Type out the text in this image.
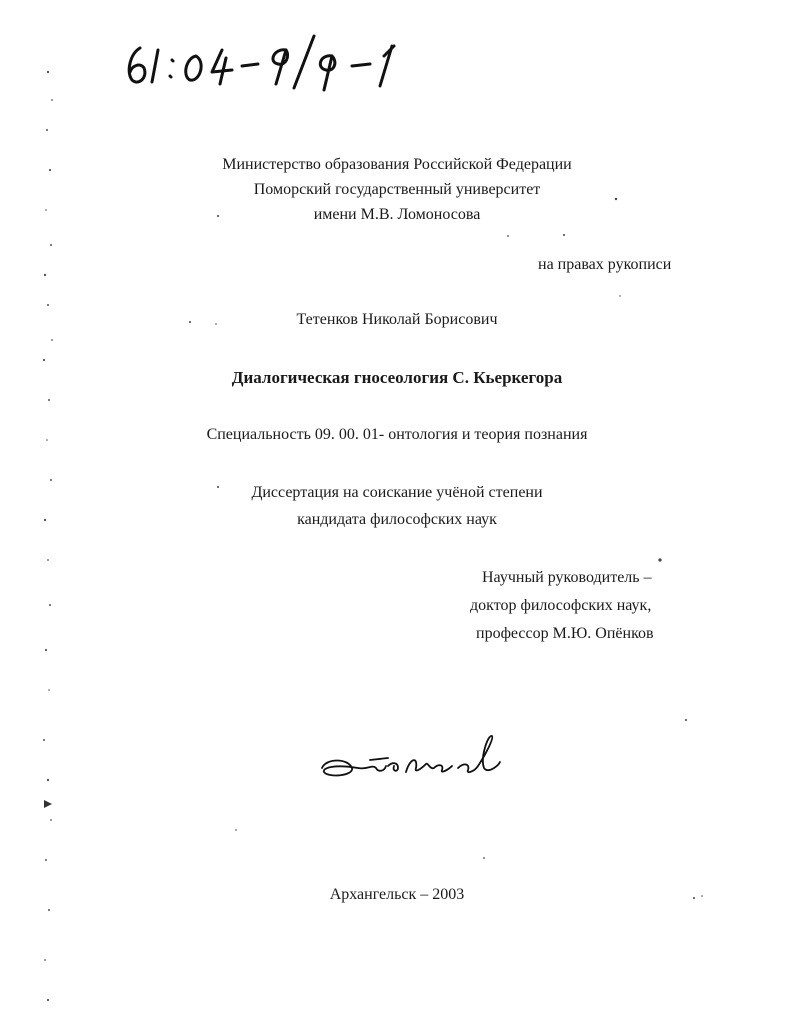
61:04-9/9-1
Министерство образования Российской Федерации
Поморский государственный университет
имени М.В. Ломоносова
на правах рукописи
Тетенков Николай Борисович
Диалогическая гносеология С. Кьеркегора
Специальность 09. 00. 01- онтология и теория познания
Диссертация на соискание учёной степени
кандидата философских наук
Научный руководитель –
доктор философских наук,
профессор М.Ю. Опёнков
Архангельск – 2003
